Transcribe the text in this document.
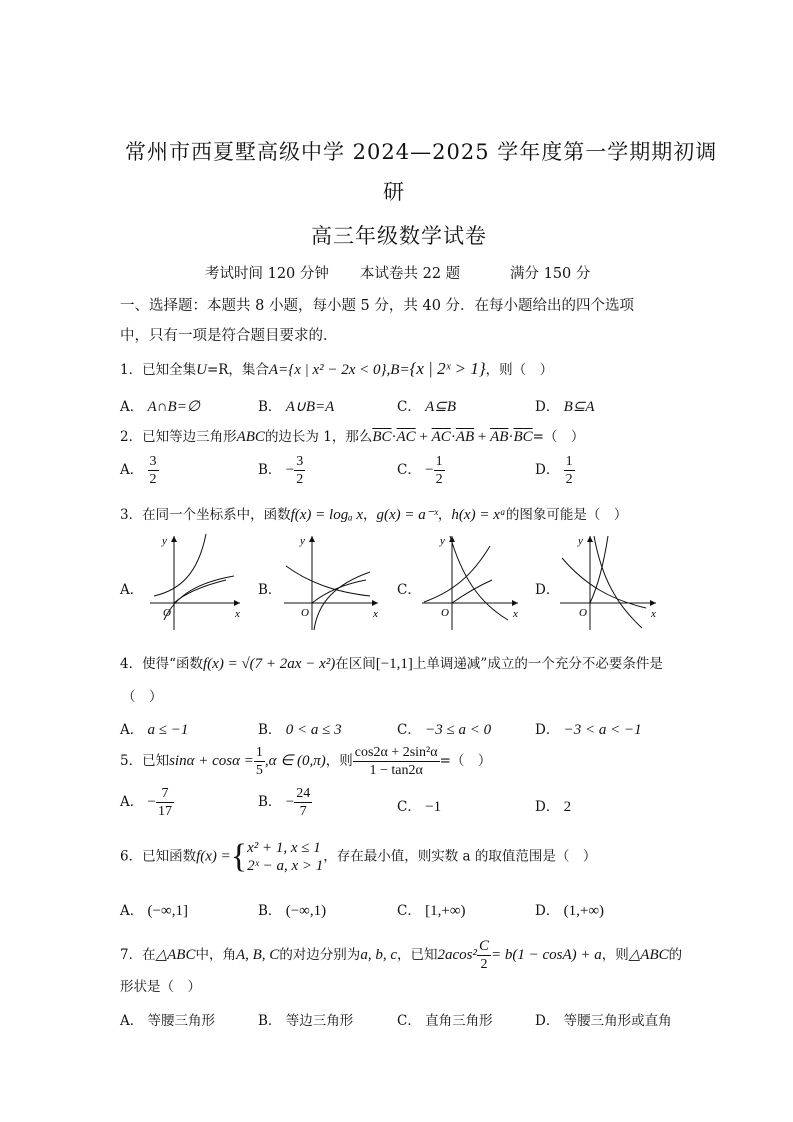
常州市西夏墅高级中学 2024—2025 学年度第一学期期初调
研
高三年级数学试卷
考试时间 120 分钟 本试卷共 22 题	满分 150 分
一、选择题：本题共 8 小题，每小题 5 分，共 40 分．在每小题给出的四个选项
中，只有一项是符合题目要求的．
1．已知全集U=R，集合A={x | x² − 2x < 0},B={x | 2ˣ > 1}，则（　）
A． A∩B=∅	B． A∪B=A	C． A⊆B	D． B⊆A
2．已知等边三角形ABC的边长为 1，那么$\overline{BC}\cdot\overline{AC} + \overline{AC}\cdot\overline{AB} + \overline{AB}\cdot\overline{BC}=$（　）
A． $\frac{3}{2}$	B． − $\frac{3}{2}$	C． − $\frac{1}{2}$	D． $\frac{1}{2}$
3．在同一个坐标系中，函数f(x) = logₐ x，g(x) = a⁻ˣ，h(x) = xᵃ的图象可能是（　）
A．	B．	C．	D．
y
x
O
y
x
O
y
x
O
y
x
O
4．使得“函数f(x) = √(7 + 2ax − x²)在区间[−1,1]上单调递减”成立的一个充分不必要条件是
（　）
A． a ≤ −1	B． 0 < a ≤ 3	C． −3 ≤ a < 0	D． −3 < a < −1
5．已知$\sin\alpha + \cos\alpha = \frac{1}{5} ,\alpha$ ∈ (0,π)，则 $\frac{\text{cos2α + 2sin²α}}{1 - \tan 2\alpha}$ =（　）
A． − $\frac{7}{17}$	B． − $\frac{24}{7}$	C． −1	D． 2
6．已知函数f(x) ={ x² + 1, x ≤ 1
2ˣ − a, x > 1
，存在最小值，则实数 a 的取值范围是（　）
A． (−∞,1]	B． (−∞,1)	C． [1,+∞)	D． (1,+∞)
7．在△ABC中，角A, B, C的对边分别为a, b, c，已知$2acos^2 \frac{C}{2} = b(1 - \cos A) + a$，则△ABC的
形状是（　）
A． 等腰三角形	B． 等边三角形	C． 直角三角形	D． 等腰三角形或直角
